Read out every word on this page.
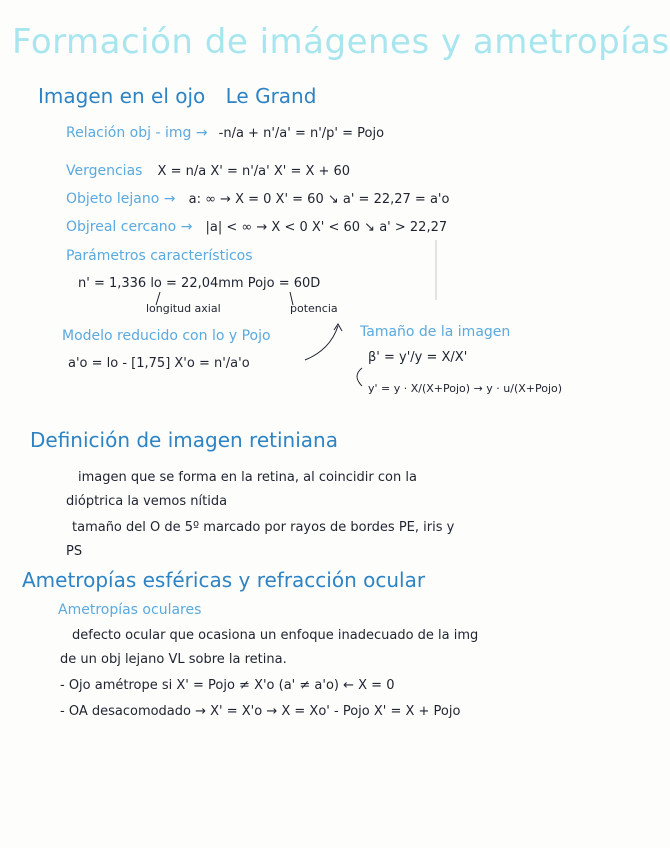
Formación de imágenes y ametropías
Imagen en el ojo Le Grand
Relación obj - img → -n/a + n'/a' = n'/p' = Pojo
Vergencias X = n/a X' = n'/a' X' = X + 60
Objeto lejano → a: ∞ → X = 0 X' = 60 ↘ a' = 22,27 = a'o
Objreal cercano → |a| < ∞ → X < 0 X' < 60 ↘ a' > 22,27
Parámetros característicos
n' = 1,336 lo = 22,04mm Pojo = 60D
longitud axial	potencia
Modelo reducido con lo y Pojo
a'o = lo - [1,75] X'o = n'/a'o
Tamaño de la imagen
β' = y'/y = X/X'
y' = y · X/(X+Pojo) → y · u/(X+Pojo)
Definición de imagen retiniana
imagen que se forma en la retina, al coincidir con la
dióptrica la vemos nítida
tamaño del O de 5º marcado por rayos de bordes PE, iris y
PS
Ametropías esféricas y refracción ocular
Ametropías oculares
defecto ocular que ocasiona un enfoque inadecuado de la img
de un obj lejano VL sobre la retina.
- Ojo amétrope si X' = Pojo ≠ X'o (a' ≠ a'o) ← X = 0
- OA desacomodado → X' = X'o → X = Xo' - Pojo X' = X + Pojo
